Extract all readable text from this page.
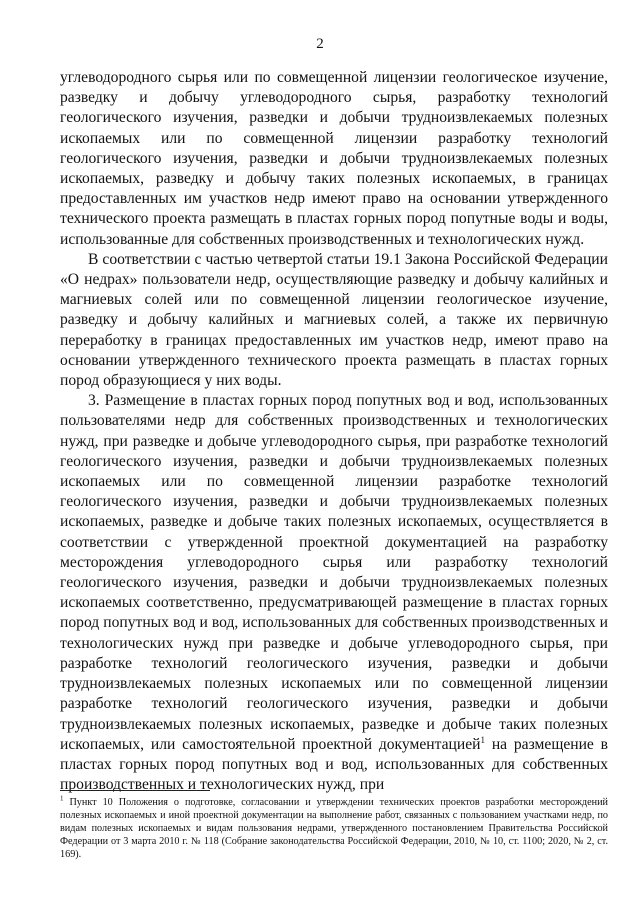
2

углеводородного сырья или по совмещенной лицензии геологическое изучение, разведку и добычу углеводородного сырья, разработку технологий геологического изучения, разведки и добычи трудноизвлекаемых полезных ископаемых или по совмещенной лицензии разработку технологий геологического изучения, разведки и добычи трудноизвлекаемых полезных ископаемых, разведку и добычу таких полезных ископаемых, в границах предоставленных им участков недр имеют право на основании утвержденного технического проекта размещать в пластах горных пород попутные воды и воды, использованные для собственных производственных и технологических нужд.

В соответствии с частью четвертой статьи 19.1 Закона Российской Федерации «О недрах» пользователи недр, осуществляющие разведку и добычу калийных и магниевых солей или по совмещенной лицензии геологическое изучение, разведку и добычу калийных и магниевых солей, а также их первичную переработку в границах предоставленных им участков недр, имеют право на основании утвержденного технического проекта размещать в пластах горных пород образующиеся у них воды.

3. Размещение в пластах горных пород попутных вод и вод, использованных пользователями недр для собственных производственных и технологических нужд, при разведке и добыче углеводородного сырья, при разработке технологий геологического изучения, разведки и добычи трудноизвлекаемых полезных ископаемых или по совмещенной лицензии разработке технологий геологического изучения, разведки и добычи трудноизвлекаемых полезных ископаемых, разведке и добыче таких полезных ископаемых, осуществляется в соответствии с утвержденной проектной документацией на разработку месторождения углеводородного сырья или разработку технологий геологического изучения, разведки и добычи трудноизвлекаемых полезных ископаемых соответственно, предусматривающей размещение в пластах горных пород попутных вод и вод, использованных для собственных производственных и технологических нужд при разведке и добыче углеводородного сырья, при разработке технологий геологического изучения, разведки и добычи трудноизвлекаемых полезных ископаемых или по совмещенной лицензии разработке технологий геологического изучения, разведки и добычи трудноизвлекаемых полезных ископаемых, разведке и добыче таких полезных ископаемых, или самостоятельной проектной документацией$^1$ на размещение в пластах горных пород попутных вод и вод, использованных для собственных производственных и технологических нужд, при

$^1$ Пункт 10 Положения о подготовке, согласовании и утверждении технических проектов разработки месторождений полезных ископаемых и иной проектной документации на выполнение работ, связанных с пользованием участками недр, по видам полезных ископаемых и видам пользования недрами, утвержденного постановлением Правительства Российской Федерации от 3 марта 2010 г. № 118 (Собрание законодательства Российской Федерации, 2010, № 10, ст. 1100; 2020, № 2, ст. 169).
